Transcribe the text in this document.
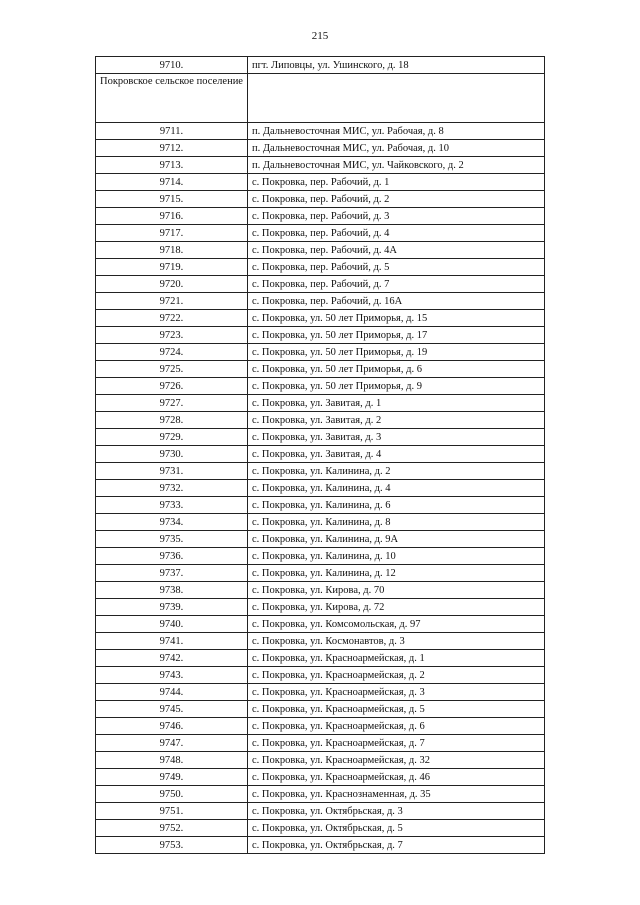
215
9710.	пгт. Липовцы, ул. Ушинского, д. 18
Покровское сельское поселение	
9711.	п. Дальневосточная МИС, ул. Рабочая, д. 8
9712.	п. Дальневосточная МИС, ул. Рабочая, д. 10
9713.	п. Дальневосточная МИС, ул. Чайковского, д. 2
9714.	с. Покровка, пер. Рабочий, д. 1
9715.	с. Покровка, пер. Рабочий, д. 2
9716.	с. Покровка, пер. Рабочий, д. 3
9717.	с. Покровка, пер. Рабочий, д. 4
9718.	с. Покровка, пер. Рабочий, д. 4А
9719.	с. Покровка, пер. Рабочий, д. 5
9720.	с. Покровка, пер. Рабочий, д. 7
9721.	с. Покровка, пер. Рабочий, д. 16А
9722.	с. Покровка, ул. 50 лет Приморья, д. 15
9723.	с. Покровка, ул. 50 лет Приморья, д. 17
9724.	с. Покровка, ул. 50 лет Приморья, д. 19
9725.	с. Покровка, ул. 50 лет Приморья, д. 6
9726.	с. Покровка, ул. 50 лет Приморья, д. 9
9727.	с. Покровка, ул. Завитая, д. 1
9728.	с. Покровка, ул. Завитая, д. 2
9729.	с. Покровка, ул. Завитая, д. 3
9730.	с. Покровка, ул. Завитая, д. 4
9731.	с. Покровка, ул. Калинина, д. 2
9732.	с. Покровка, ул. Калинина, д. 4
9733.	с. Покровка, ул. Калинина, д. 6
9734.	с. Покровка, ул. Калинина, д. 8
9735.	с. Покровка, ул. Калинина, д. 9А
9736.	с. Покровка, ул. Калинина, д. 10
9737.	с. Покровка, ул. Калинина, д. 12
9738.	с. Покровка, ул. Кирова, д. 70
9739.	с. Покровка, ул. Кирова, д. 72
9740.	с. Покровка, ул. Комсомольская, д. 97
9741.	с. Покровка, ул. Космонавтов, д. 3
9742.	с. Покровка, ул. Красноармейская, д. 1
9743.	с. Покровка, ул. Красноармейская, д. 2
9744.	с. Покровка, ул. Красноармейская, д. 3
9745.	с. Покровка, ул. Красноармейская, д. 5
9746.	с. Покровка, ул. Красноармейская, д. 6
9747.	с. Покровка, ул. Красноармейская, д. 7
9748.	с. Покровка, ул. Красноармейская, д. 32
9749.	с. Покровка, ул. Красноармейская, д. 46
9750.	с. Покровка, ул. Краснознаменная, д. 35
9751.	с. Покровка, ул. Октябрьская, д. 3
9752.	с. Покровка, ул. Октябрьская, д. 5
9753.	с. Покровка, ул. Октябрьская, д. 7
